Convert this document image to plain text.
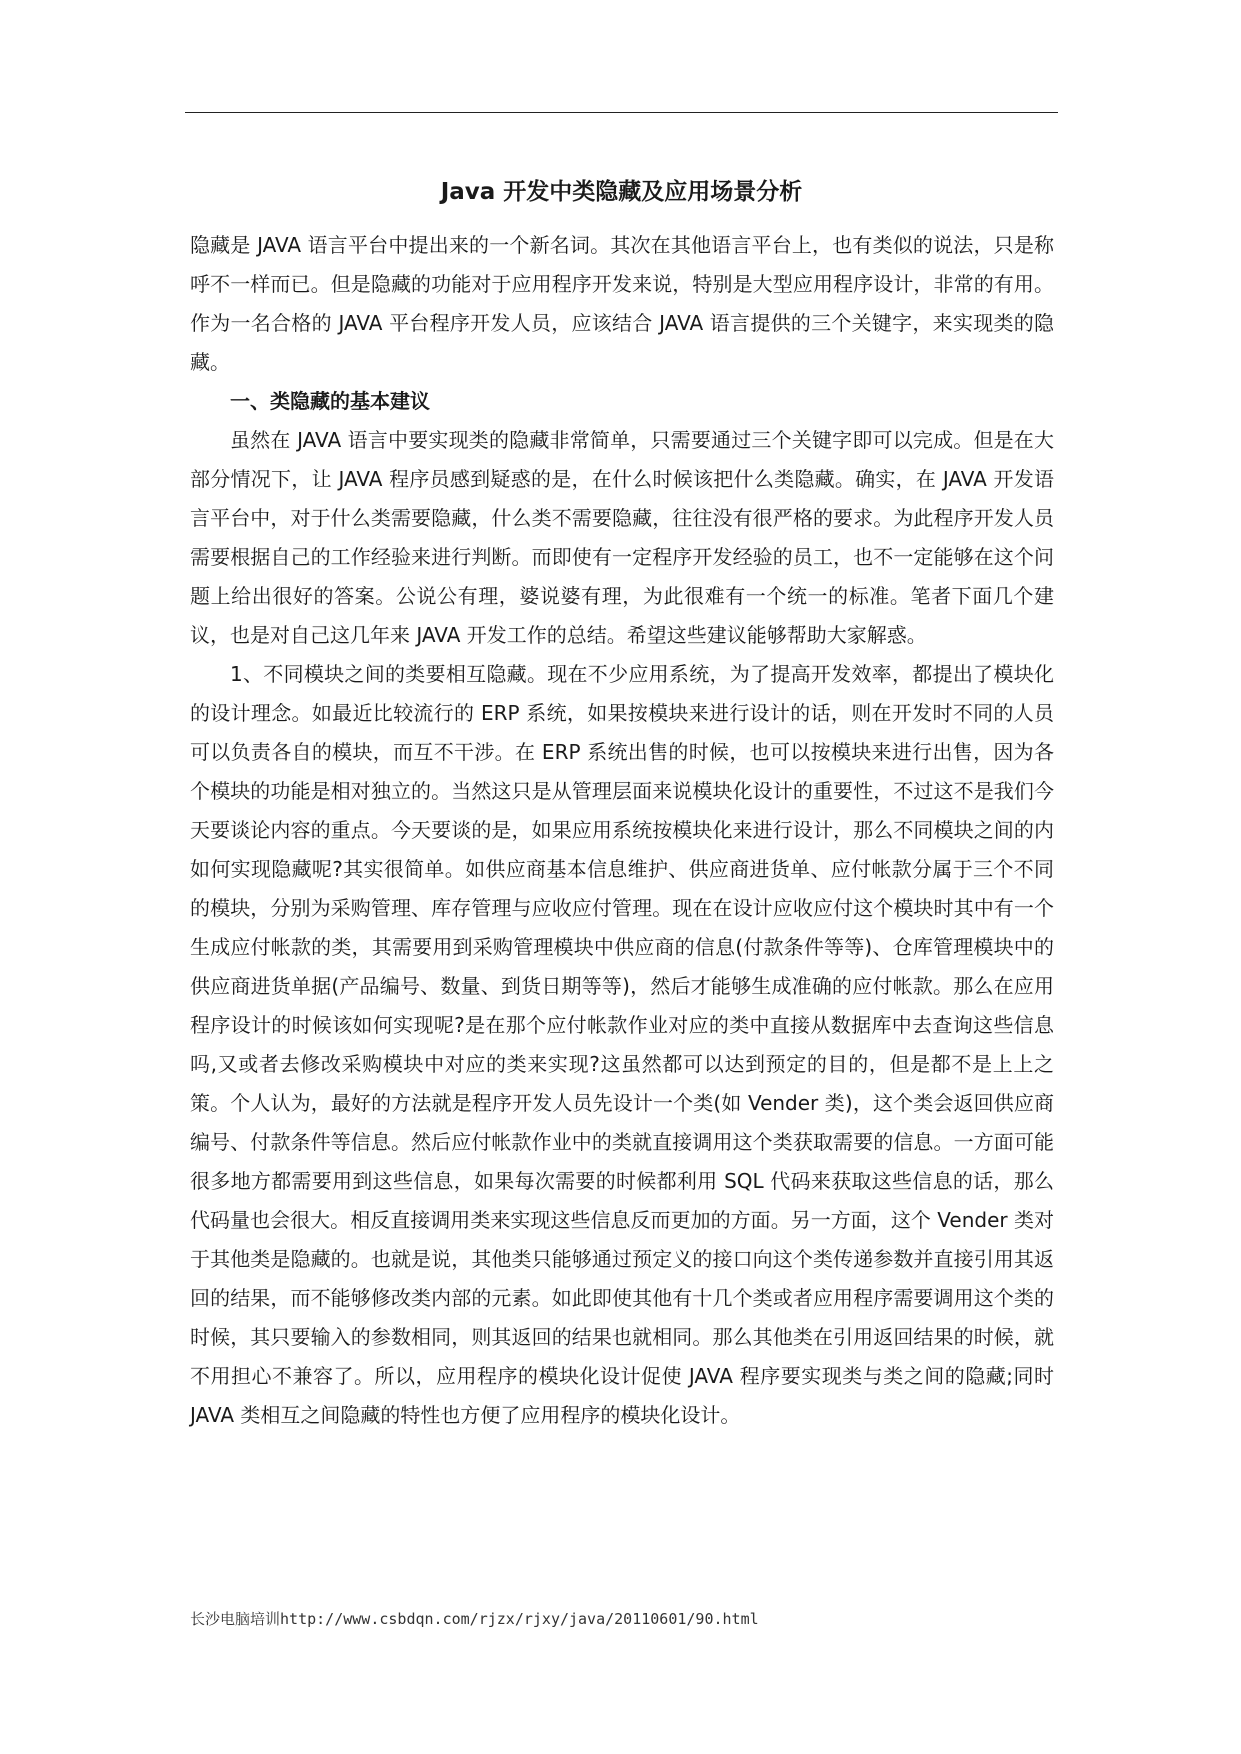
Java 开发中类隐藏及应用场景分析

隐藏是 JAVA 语言平台中提出来的一个新名词。其次在其他语言平台上，也有类似的说法，只是称呼不一样而已。但是隐藏的功能对于应用程序开发来说，特别是大型应用程序设计，非常的有用。作为一名合格的 JAVA 平台程序开发人员，应该结合 JAVA 语言提供的三个关键字，来实现类的隐藏。

一、类隐藏的基本建议

虽然在 JAVA 语言中要实现类的隐藏非常简单，只需要通过三个关键字即可以完成。但是在大部分情况下，让 JAVA 程序员感到疑惑的是，在什么时候该把什么类隐藏。确实，在 JAVA 开发语言平台中，对于什么类需要隐藏，什么类不需要隐藏，往往没有很严格的要求。为此程序开发人员需要根据自己的工作经验来进行判断。而即使有一定程序开发经验的员工，也不一定能够在这个问题上给出很好的答案。公说公有理，婆说婆有理，为此很难有一个统一的标准。笔者下面几个建议，也是对自己这几年来 JAVA 开发工作的总结。希望这些建议能够帮助大家解惑。

1、不同模块之间的类要相互隐藏。现在不少应用系统，为了提高开发效率，都提出了模块化的设计理念。如最近比较流行的 ERP 系统，如果按模块来进行设计的话，则在开发时不同的人员可以负责各自的模块，而互不干涉。在 ERP 系统出售的时候，也可以按模块来进行出售，因为各个模块的功能是相对独立的。当然这只是从管理层面来说模块化设计的重要性，不过这不是我们今天要谈论内容的重点。今天要谈的是，如果应用系统按模块化来进行设计，那么不同模块之间的内如何实现隐藏呢?其实很简单。如供应商基本信息维护、供应商进货单、应付帐款分属于三个不同的模块，分别为采购管理、库存管理与应收应付管理。现在在设计应收应付这个模块时其中有一个生成应付帐款的类，其需要用到采购管理模块中供应商的信息(付款条件等等)、仓库管理模块中的供应商进货单据(产品编号、数量、到货日期等等)，然后才能够生成准确的应付帐款。那么在应用程序设计的时候该如何实现呢?是在那个应付帐款作业对应的类中直接从数据库中去查询这些信息吗,又或者去修改采购模块中对应的类来实现?这虽然都可以达到预定的目的，但是都不是上上之策。个人认为，最好的方法就是程序开发人员先设计一个类(如 Vender 类)，这个类会返回供应商编号、付款条件等信息。然后应付帐款作业中的类就直接调用这个类获取需要的信息。一方面可能很多地方都需要用到这些信息，如果每次需要的时候都利用 SQL 代码来获取这些信息的话，那么代码量也会很大。相反直接调用类来实现这些信息反而更加的方面。另一方面，这个 Vender 类对于其他类是隐藏的。也就是说，其他类只能够通过预定义的接口向这个类传递参数并直接引用其返回的结果，而不能够修改类内部的元素。如此即使其他有十几个类或者应用程序需要调用这个类的时候，其只要输入的参数相同，则其返回的结果也就相同。那么其他类在引用返回结果的时候，就不用担心不兼容了。所以，应用程序的模块化设计促使 JAVA 程序要实现类与类之间的隐藏;同时 JAVA 类相互之间隐藏的特性也方便了应用程序的模块化设计。

长沙电脑培训http://www.csbdqn.com/rjzx/rjxy/java/20110601/90.html
